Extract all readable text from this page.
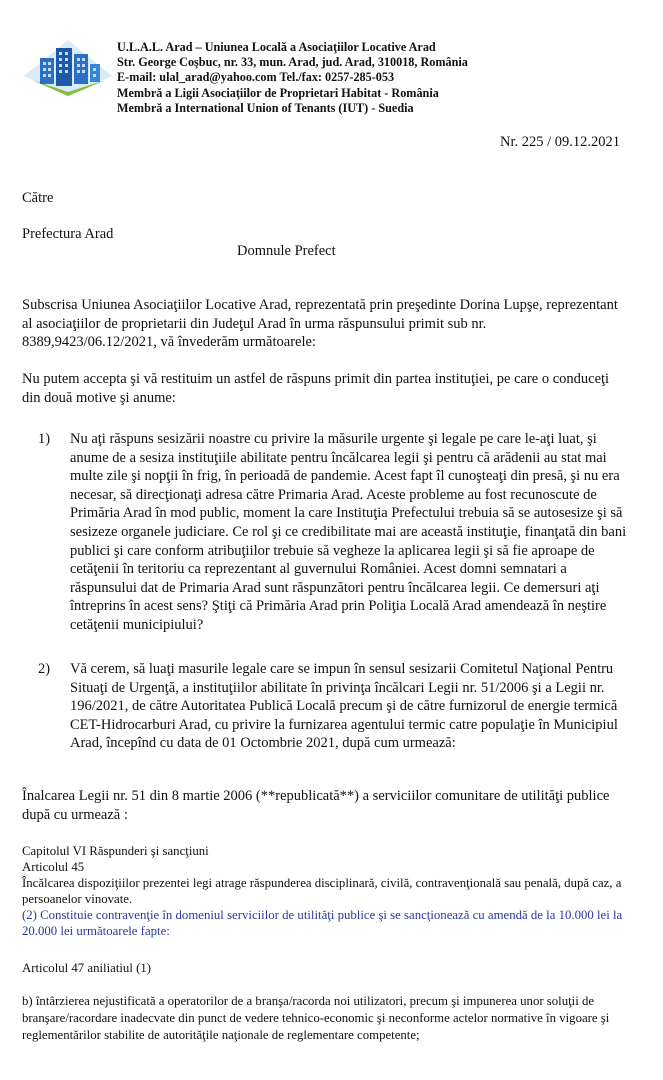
U.L.A.L. Arad – Uniunea Locală a Asociaţiilor Locative Arad
Str. George Coşbuc, nr. 33, mun. Arad, jud. Arad, 310018, România
E-mail: ulal_arad@yahoo.com Tel./fax: 0257-285-053
Membră a Ligii Asociaţiilor de Proprietari Habitat - România
Membră a International Union of Tenants (IUT) - Suedia
Nr. 225 / 09.12.2021
Către
Prefectura Arad
Domnule Prefect
Subscrisa Uniunea Asociaţiilor Locative Arad, reprezentată prin preşedinte Dorina Lupşe, reprezentant al asociaţiilor de proprietarii din Judeţul Arad în urma răspunsului primit sub nr. 8389,9423/06.12/2021, vă învederăm următoarele:
Nu putem accepta şi vă restituim un astfel de răspuns primit din partea instituţiei, pe care o conduceţi din două motive şi anume:
1) Nu aţi răspuns sesizării noastre cu privire la măsurile urgente şi legale pe care le-aţi luat, şi anume de a sesiza instituţiile abilitate pentru încălcarea legii şi pentru că arădenii au stat mai multe zile şi nopţii în frig, în perioadă de pandemie. Acest fapt îl cunoşteaţi din presă, şi nu era necesar, să direcţionaţi adresa către Primaria Arad. Aceste probleme au fost recunoscute de Primăria Arad în mod public, moment la care Instituţia Prefectului trebuia să se autosesize şi să sesizeze organele judiciare. Ce rol şi ce credibilitate mai are această instituţie, finanţată din bani publici şi care conform atribuţiilor trebuie să vegheze la aplicarea legii şi să fie aproape de cetăţenii în teritoriu ca reprezentant al guvernului României. Acest domni semnatari a răspunsului dat de Primaria Arad sunt răspunzători pentru încălcarea legii. Ce demersuri aţi întreprins în acest sens? Ştiţi că Primăria Arad prin Poliţia Locală Arad amendează în neştire cetăţenii municipiului?
2) Vă cerem, să luaţi masurile legale care se impun în sensul sesizarii Comitetul Naţional Pentru Situaţi de Urgenţă, a instituţiilor abilitate în privinţa încălcari Legii nr. 51/2006 şi a Legii nr. 196/2021, de către Autoritatea Publică Locală precum şi de către furnizorul de energie termică CET-Hidrocarburi Arad, cu privire la furnizarea agentului termic catre populaţie în Municipiul Arad, începînd cu data de 01 Octombrie 2021, după cum urmează:
Înalcarea Legii nr. 51 din 8 martie 2006 (**republicată**) a serviciilor comunitare de utilităţi publice după cu urmează :
Capitolul VI Răspunderi şi sancţiuni
Articolul 45
Încălcarea dispoziţiilor prezentei legi atrage răspunderea disciplinară, civilă, contravenţională sau penală, după caz, a persoanelor vinovate.
(2) Constituie contravenţie în domeniul serviciilor de utilităţi publice şi se sancţionează cu amendă de la 10.000 lei la 20.000 lei următoarele fapte:
Articolul 47 aniliatiul (1)
b) întârzierea nejustificată a operatorilor de a branşa/racorda noi utilizatori, precum şi impunerea unor soluţii de branşare/racordare inadecvate din punct de vedere tehnico-economic şi neconforme actelor normative în vigoare şi reglementărilor stabilite de autorităţile naţionale de reglementare competente;
